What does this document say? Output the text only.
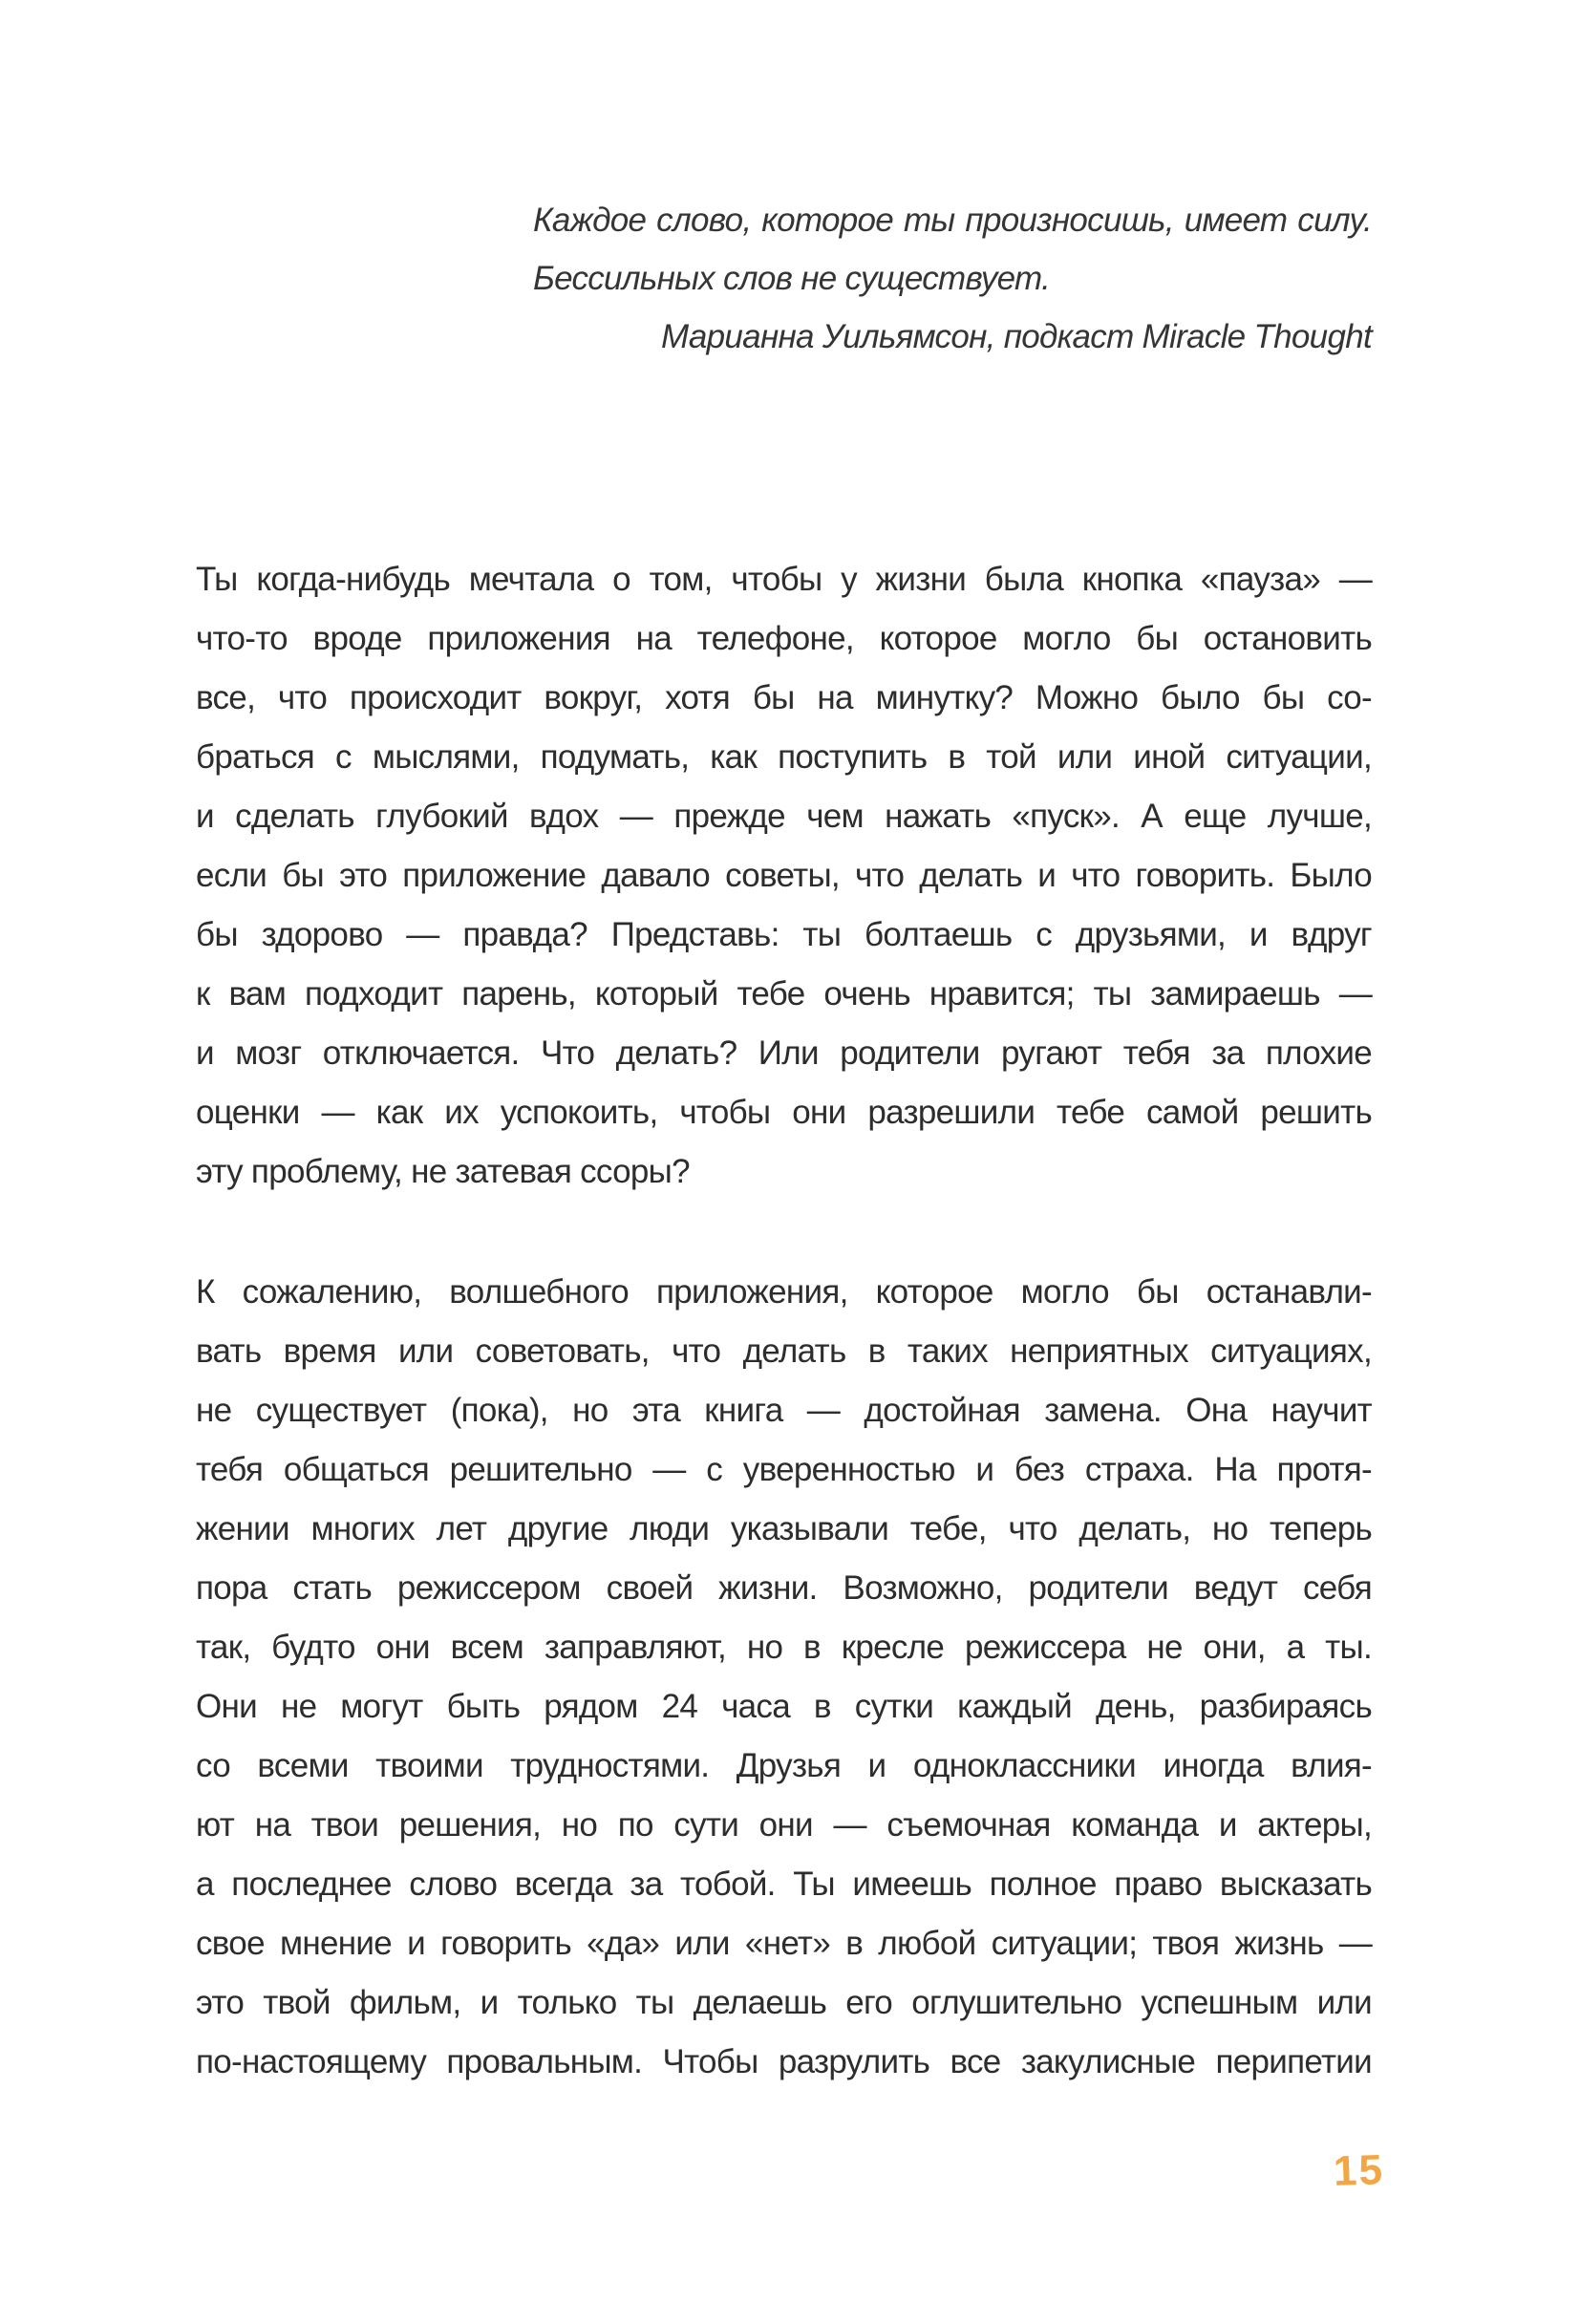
Каждое слово, которое ты произносишь, имеет силу.
Бессильных слов не существует.
Марианна Уильямсон, подкаст Miracle Thought
Ты когда-нибудь мечтала о том, чтобы у жизни была кнопка «пауза» —
что-то вроде приложения на телефоне, которое могло бы остановить
все, что происходит вокруг, хотя бы на минутку? Можно было бы со-
браться с мыслями, подумать, как поступить в той или иной ситуации,
и сделать глубокий вдох — прежде чем нажать «пуск». А еще лучше,
если бы это приложение давало советы, что делать и что говорить. Было
бы здорово — правда? Представь: ты болтаешь с друзьями, и вдруг
к вам подходит парень, который тебе очень нравится; ты замираешь —
и мозг отключается. Что делать? Или родители ругают тебя за плохие
оценки — как их успокоить, чтобы они разрешили тебе самой решить
эту проблему, не затевая ссоры?
К сожалению, волшебного приложения, которое могло бы останавли-
вать время или советовать, что делать в таких неприятных ситуациях,
не существует (пока), но эта книга — достойная замена. Она научит
тебя общаться решительно — с уверенностью и без страха. На протя-
жении многих лет другие люди указывали тебе, что делать, но теперь
пора стать режиссером своей жизни. Возможно, родители ведут себя
так, будто они всем заправляют, но в кресле режиссера не они, а ты.
Они не могут быть рядом 24 часа в сутки каждый день, разбираясь
со всеми твоими трудностями. Друзья и одноклассники иногда влия-
ют на твои решения, но по сути они — съемочная команда и актеры,
а последнее слово всегда за тобой. Ты имеешь полное право высказать
свое мнение и говорить «да» или «нет» в любой ситуации; твоя жизнь —
это твой фильм, и только ты делаешь его оглушительно успешным или
по-настоящему провальным. Чтобы разрулить все закулисные перипетии
15
